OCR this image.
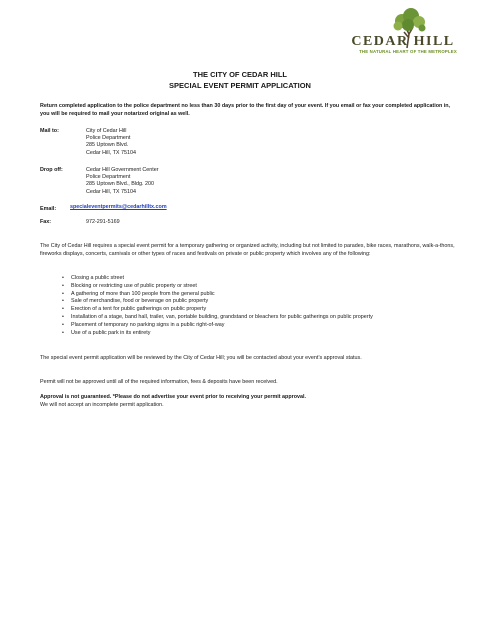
CEDAR HILL
THE NATURAL HEART OF THE METROPLEX
THE CITY OF CEDAR HILL
SPECIAL EVENT PERMIT APPLICATION
Return completed application to the police department no less than 30 days prior to the first day of your event. If you email or fax your completed application in, you will be required to mail your notarized original as well.
Mail to:	City of Cedar Hill
Police Department
285 Uptown Blvd.
Cedar Hill, TX 75104
Drop off:	Cedar Hill Government Center
Police Department
285 Uptown Blvd., Bldg. 200
Cedar Hill, TX 75104
Email:	specialeventpermits@cedarhilltx.com
Fax:	972-291-5169
The City of Cedar Hill requires a special event permit for a temporary gathering or organized activity, including but not limited to parades, bike races, marathons, walk-a-thons, fireworks displays, concerts, carnivals or other types of races and festivals on private or public property which involves any of the following:
• Closing a public street
• Blocking or restricting use of public property or street
• A gathering of more than 100 people from the general public
• Sale of merchandise, food or beverage on public property
• Erection of a tent for public gatherings on public property
• Installation of a stage, band hall, trailer, van, portable building, grandstand or bleachers for public gatherings on public property
• Placement of temporary no parking signs in a public right-of-way
• Use of a public park in its entirety
The special event permit application will be reviewed by the City of Cedar Hill; you will be contacted about your event’s approval status.
Permit will not be approved until all of the required information, fees & deposits have been received.
Approval is not guaranteed. *Please do not advertise your event prior to receiving your permit approval.
We will not accept an incomplete permit application.
